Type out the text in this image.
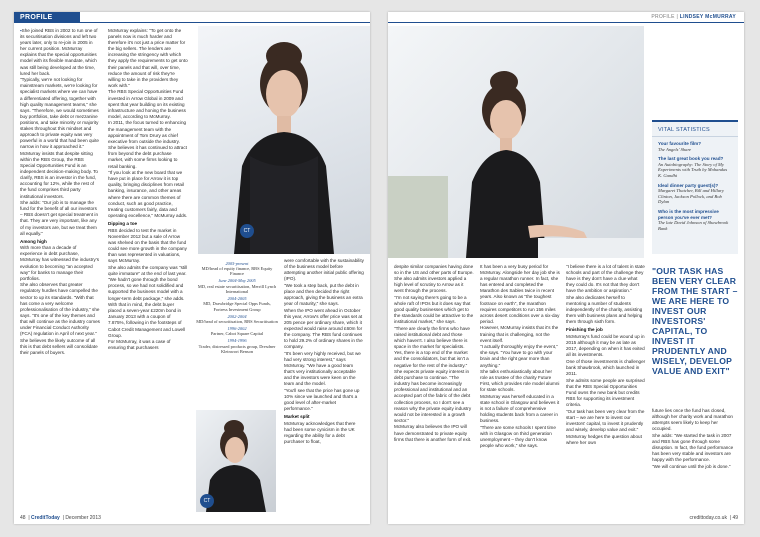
PROFILE

▪She joined RBS in 2002 to run one of its securitisation divisions and left two years later, only to re-join in 2005 in her current position. McMurray explains that the special opportunities model with its flexible mandate, which was still being developed at the time, lured her back.

"Typically, we're not looking for mainstream markets, we're looking for specialist markets where we can have a differentiated offering, together with high quality management teams," she says. "Therefore, we would sometimes buy portfolios, take debt or mezzanine positions, and take minority or majority stakes throughout this mindset and approach to private equity was very powerful in a world that had been quite narrow in how it approached it."

McMurray insists that despite sitting within the RBS Group, the RBS Special Opportunities Fund is an independent decision-making body. To clarify, RBS is an investor in the fund, accounting for 12%, while the rest of the fund comprises third party institutional investors.

She adds: "Our job is to manage the fund for the benefit of all our investors – RBS doesn't get special treatment in that. They are very important, like any of my investors are, but we treat them all equally."

Among high

With more than a decade of experience in debt purchase, McMurray has witnessed the industry's evolution to becoming "an accepted way" for banks to manage their portfolios.

She also observes that greater regulatory hurdles have compelled the sector to up its standards. "With that has come a very welcome professionalisation of the industry," she says. "It's one of the key themes and that will continue as the industry comes under Financial Conduct Authority (FCA) regulation in April of next year."

She believes the likely outcome of all this is that debt sellers will consolidate their panels of buyers.

McMurray explains: "To get onto the panels now is much harder and therefore it's not just a price matter for the big sellers. The lenders are increasing the stringency with which they apply the requirements to get onto their panels and that will, over time, reduce the amount of risk they're willing to take in the providers they work with."

The RBS Special Opportunities Fund invested in Arrow Global in 2009 and spent that year building on its existing infrastructure and honing the business model, according to McMurray.

In 2011, the focus turned to enhancing the management team with the appointment of Tom Drury as chief executive from outside the industry.

She believes it has continued to attract from beyond the debt purchase market, with some firms looking to retail banking.

"If you look at the new board that we have put in place for Arrow it is top quality, bringing disciplines from retail banking, insurance, and other areas where there are common themes of conduct, such as good practice, treating customers fairly, data and operating excellence," McMurray adds.

Dipping a toe

RBS decided to test the market in November 2012 but a sale of Arrow was shelved on the basis that the fund could see more growth in the company than was represented in valuations, says McMurray.

She also admits the company was "still quite immature" at the end of last year.

"We hadn't gone through the bond process, so we had not solidified and supported the business model with a longer-term debt package," she adds.

With that in mind, the debt buyer placed a seven-year £220m bond in January 2013 with a coupon of 7.875%, following in the footsteps of Cabot Credit Management and Lowell Group.

For McMurray, it was a case of ensuring that purchasers

CT
2005-present
MD/head of equity finance, RBS Equity Finance
June 2004-May 2005
MD, real estate securitisation, Merrill Lynch International
2004-2005
MD, Drawbridge Special Opps Funds, Fortress Investment Group
2002-2004
MD/head of securitisation, RBS Securitisation
1996-2002
Partner, Cabot Square Capital
1994-1996
Trader, distressed products group, Dresdner Kleinwort Benson
CT

were comfortable with the sustainability of the business model before attempting another initial public offering (IPO).

"We took a step back, put the debt in place and then decided the right approach, giving the business an extra year of maturity," she says.

When the IPO went ahead in October this year, Arrow's offer price was set at 205 pence per ordinary share, which it expected would raise around £60m for the company. The RBS fund continues to hold 29.2% of ordinary shares in the company.

"It's been very highly received, but we had very strong interest," says McMurray. "We have a good team that's very institutionally acceptable and the investors were keen on the team and the model.

"You'll see that the price has gone up 10% since we launched and that's a good level of after-market performance."

Market split

McMurray acknowledges that there had been some cynicism in the UK regarding the ability for a debt purchaser to float,

48  | CreditToday  | December 2013
PROFILE | LINDSEY McMURRAY
VITAL STATISTICS
Your favourite film?
The Angels' Share
The last great book you read?
An Autobiography: The Story of My Experiments with Truth by Mohandas K. Gandhi
Ideal dinner party guest(s)?
Margaret Thatcher, Bill and Hillary Clinton, Jackson Pollock, and Bob Dylan
Who is the most impressive person you've ever met?
The late David Johnson of Shawbrook Bank
"OUR TASK HAS BEEN VERY CLEAR FROM THE START – WE ARE HERE TO INVEST OUR INVESTORS' CAPITAL, TO INVEST IT PRUDENTLY AND WISELY, DEVELOP VALUE AND EXIT"

despite similar companies having done so in the US and other parts of Europe. She also admits investors applied a high level of scrutiny to Arrow as it went through the process.

"I'm not saying there's going to be a whole raft of IPOs but it does say that good quality businesses which get to the standards could be attractive to the institutional market," she says.

"There are clearly the firms who have raised institutional debt and those which haven't. I also believe there is space in the market for specialists. Yes, there is a top end of the market and the consolidators, but that isn't a negative for the rest of the industry."

She expects private equity interest in debt purchase to continue. "The industry has become increasingly professional and institutional and an accepted part of the fabric of the debt collection process, so I don't see a reason why the private equity industry would not be interested in a growth sector."

McMurray also believes the IPO will have demonstrated to private equity firms that there is another form of exit.

It has been a very busy period for McMurray. Alongside her day job she is a regular marathon runner. In fact, she has entered and completed the Marathon des Sables twice in recent years. Also known as "the toughest footrace on earth", the marathon requires competitors to run 156 miles across desert conditions over a six-day period.

However, McMurray insists that it's the training that is challenging, not the event itself.

"I actually thoroughly enjoy the event," she says. "You have to go with your brain and the right gear more than anything."

She talks enthusiastically about her role as trustee of the charity Future First, which provides role model alumni for state schools.

McMurray was herself educated in a state school in Glasgow and believes it is not a failure of comprehensive holding students back from a career in business.

"There are some schools I spent time with in Glasgow on third generation unemployment – they don't know people who work," she says.

"I believe there is a lot of talent in state schools and part of the challenge they have is they don't have a clue what they could do. It's not that they don't have the ambition or aspiration."

She also dedicates herself to mentoring a number of students independently of the charity, assisting them with business plans and helping them through sixth form.

Finishing the job

McMurray's fund could be wound up in 2015 although it may be as late as 2017, depending on when it has exited all its investments.

One of those investments is challenger bank Shawbrook, which launched in 2011.

She admits some people are surprised that the RBS Special Opportunities Fund owns the new bank but credits RBS for supporting its investment criteria.

"Our task has been very clear from the start – we are here to invest our investors' capital, to invest it prudently and wisely, develop value and exit."

McMurray hedges the question about where her own

future lies once the fund has closed, although her charity work and marathon attempts seem likely to keep her occupied.

She adds: "We started the task in 2007 and RBS has gone through some disruption. In fact, the fund performance has been very stable and investors are happy with the performance.

"We will continue until the job is done."

credittoday.co.uk  | 49
